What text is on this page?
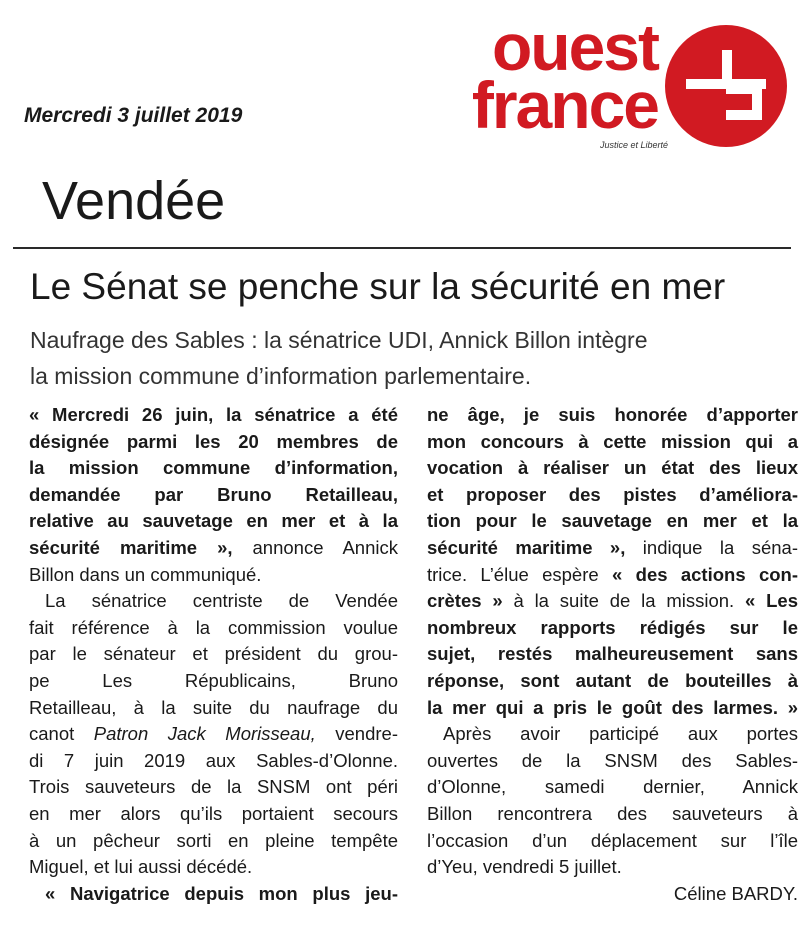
Mercredi 3 juillet 2019
ouest
france
Justice et Liberté
Vendée
Le Sénat se penche sur la sécurité en mer
Naufrage des Sables : la sénatrice UDI, Annick Billon intègre
la mission commune d’information parlementaire.
« Mercredi 26 juin, la sénatrice a été
désignée parmi les 20 membres de
la mission commune d’information,
demandée par Bruno Retailleau,
relative au sauvetage en mer et à la
sécurité maritime », annonce Annick
Billon dans un communiqué.
La sénatrice centriste de Vendée
fait référence à la commission voulue
par le sénateur et président du grou-
pe Les Républicains, Bruno
Retailleau, à la suite du naufrage du
canot Patron Jack Morisseau, vendre-
di 7 juin 2019 aux Sables-d’Olonne.
Trois sauveteurs de la SNSM ont péri
en mer alors qu’ils portaient secours
à un pêcheur sorti en pleine tempête
Miguel, et lui aussi décédé.
« Navigatrice depuis mon plus jeu-
ne âge, je suis honorée d’apporter
mon concours à cette mission qui a
vocation à réaliser un état des lieux
et proposer des pistes d’améliora-
tion pour le sauvetage en mer et la
sécurité maritime », indique la séna-
trice. L’élue espère « des actions con-
crètes » à la suite de la mission. « Les
nombreux rapports rédigés sur le
sujet, restés malheureusement sans
réponse, sont autant de bouteilles à
la mer qui a pris le goût des larmes. »
Après avoir participé aux portes
ouvertes de la SNSM des Sables-
d’Olonne, samedi dernier, Annick
Billon rencontrera des sauveteurs à
l’occasion d’un déplacement sur l’île
d’Yeu, vendredi 5 juillet.
Céline BARDY.
